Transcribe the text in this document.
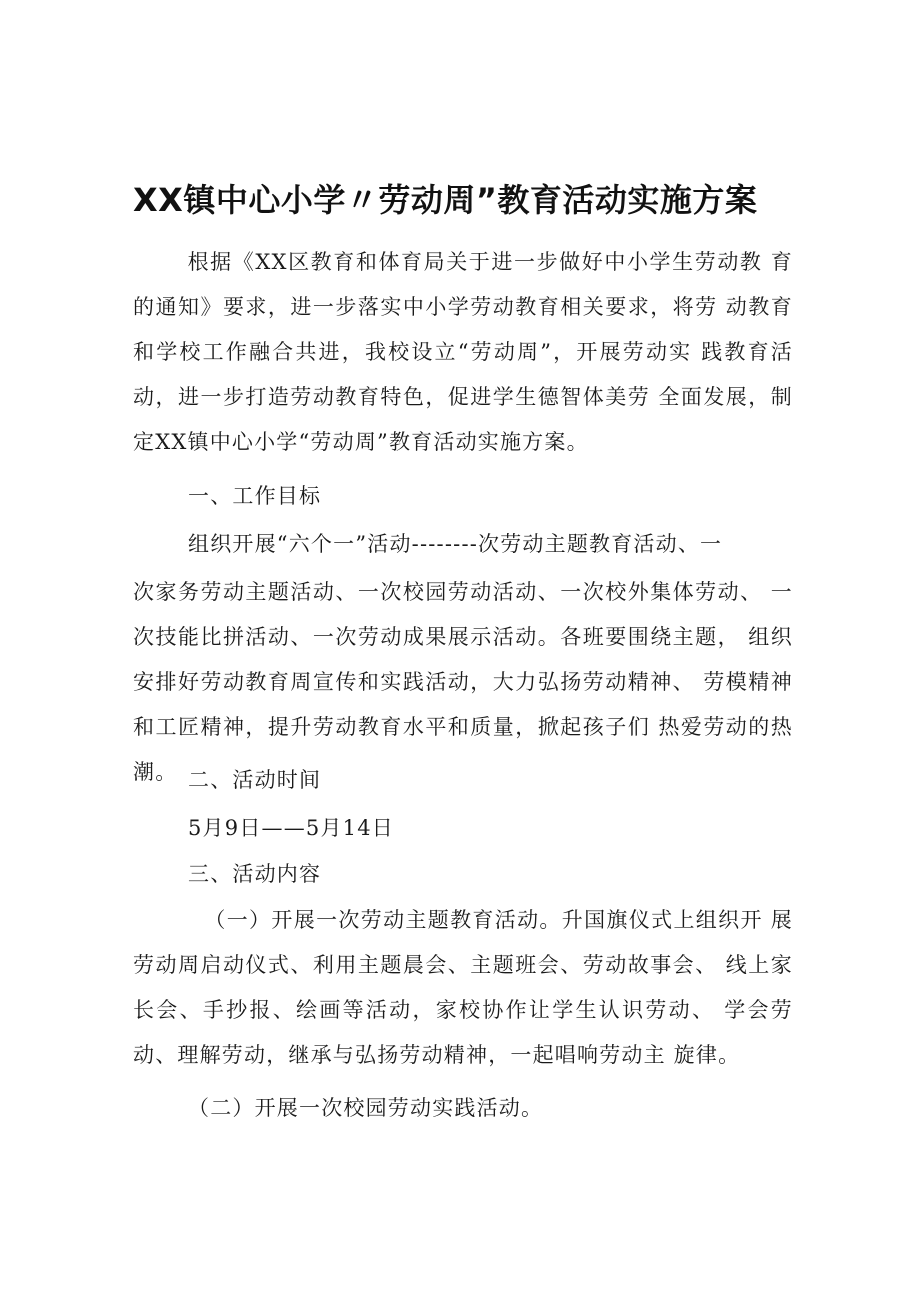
XX镇中心小学〃劳动周”教育活动实施方案

根据《XX区教育和体育局关于进一步做好中小学生劳动教 育的通知》要求，进一步落实中小学劳动教育相关要求，将劳 动教育和学校工作融合共进，我校设立“劳动周”，开展劳动实 践教育活动，进一步打造劳动教育特色，促进学生德智体美劳 全面发展，制定XX镇中心小学“劳动周”教育活动实施方案。

一、工作目标

组织开展“六个一”活动--------次劳动主题教育活动、一

次家务劳动主题活动、一次校园劳动活动、一次校外集体劳动、 一次技能比拼活动、一次劳动成果展示活动。各班要围绕主题， 组织安排好劳动教育周宣传和实践活动，大力弘扬劳动精神、 劳模精神和工匠精神，提升劳动教育水平和质量，掀起孩子们 热爱劳动的热潮。 二、活动时间

5月9日——5月14日

三、活动内容

（一）开展一次劳动主题教育活动。升国旗仪式上组织开 展劳动周启动仪式、利用主题晨会、主题班会、劳动故事会、 线上家长会、手抄报、绘画等活动，家校协作让学生认识劳动、 学会劳动、理解劳动，继承与弘扬劳动精神，一起唱响劳动主 旋律。

（二）开展一次校园劳动实践活动。
